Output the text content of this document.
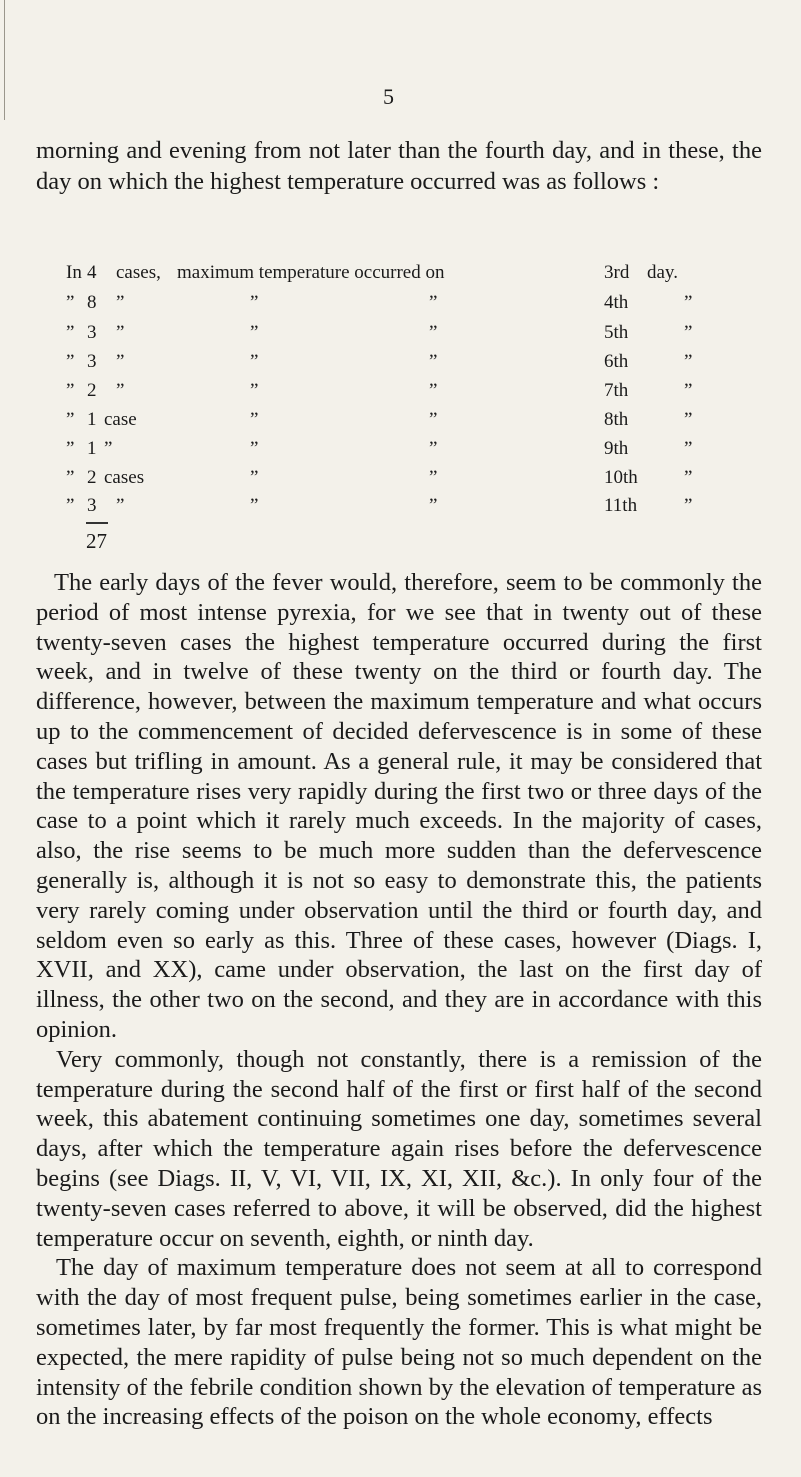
5
morning and evening from not later than the fourth day, and in these, the day on which the highest temperature occurred was as follows :
In 4 cases, maximum temperature occurred on	3rd day.
” 8 ”	”	”	4th	”
” 3 ”	”	”	5th	”
” 3 ”	”	”	6th	”
” 2 ”	”	”	7th	”
” 1 case	”	”	8th	”
” 1 ”	”	”	9th	”
” 2 cases	”	”	10th ”
” 3 ”	”	”	11th ”
27

The early days of the fever would, therefore, seem to be commonly the period of most intense pyrexia, for we see that in twenty out of these twenty-seven cases the highest temperature occurred during the first week, and in twelve of these twenty on the third or fourth day. The difference, however, between the maximum temperature and what occurs up to the commencement of decided defervescence is in some of these cases but trifling in amount. As a general rule, it may be considered that the temperature rises very rapidly during the first two or three days of the case to a point which it rarely much exceeds. In the majority of cases, also, the rise seems to be much more sudden than the defervescence generally is, although it is not so easy to demonstrate this, the patients very rarely coming under observation until the third or fourth day, and seldom even so early as this. Three of these cases, however (Diags. I, XVII, and XX), came under observation, the last on the first day of illness, the other two on the second, and they are in accordance with this opinion.

Very commonly, though not constantly, there is a remission of the temperature during the second half of the first or first half of the second week, this abatement continuing sometimes one day, sometimes several days, after which the temperature again rises before the defervescence begins (see Diags. II, V, VI, VII, IX, XI, XII, &c.). In only four of the twenty-seven cases referred to above, it will be observed, did the highest temperature occur on seventh, eighth, or ninth day.

The day of maximum temperature does not seem at all to correspond with the day of most frequent pulse, being sometimes earlier in the case, sometimes later, by far most frequently the former. This is what might be expected, the mere rapidity of pulse being not so much dependent on the intensity of the febrile condition shown by the elevation of temperature as on the increasing effects of the poison on the whole economy, effects
